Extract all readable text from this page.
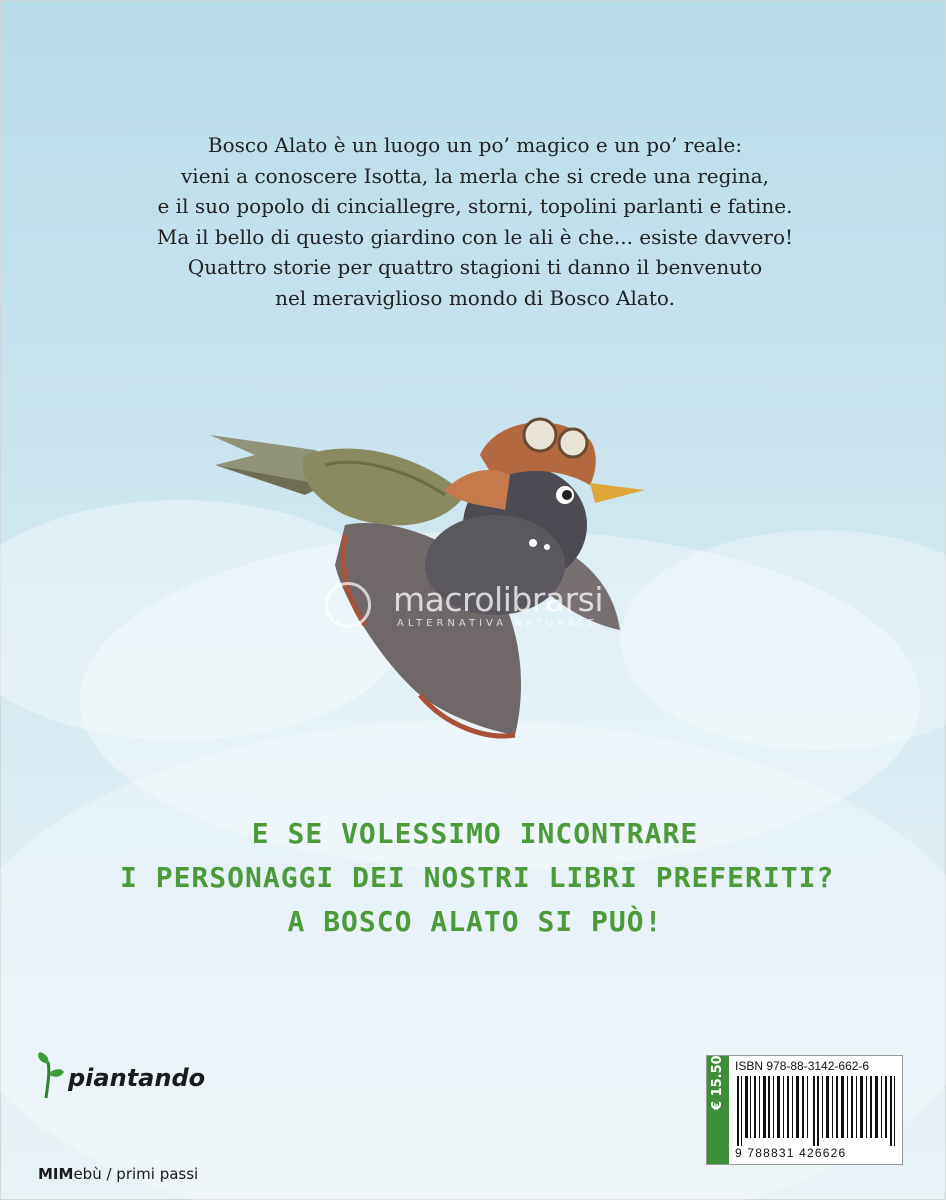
Bosco Alato è un luogo un po’ magico e un po’ reale:
vieni a conoscere Isotta, la merla che si crede una regina,
e il suo popolo di cinciallegre, storni, topolini parlanti e fatine.
Ma il bello di questo giardino con le ali è che... esiste davvero!
Quattro storie per quattro stagioni ti danno il benvenuto
nel meraviglioso mondo di Bosco Alato.
macrolibrarsi
ALTERNATIVA NATURALE
E SE VOLESSIMO INCONTRARE
I PERSONAGGI DEI NOSTRI LIBRI PREFERITI?
A BOSCO ALATO SI PUÒ!
piantando
MIMebù / primi passi
€ 15.50 ISBN 978-88-3142-662-6
9 788831 426626
